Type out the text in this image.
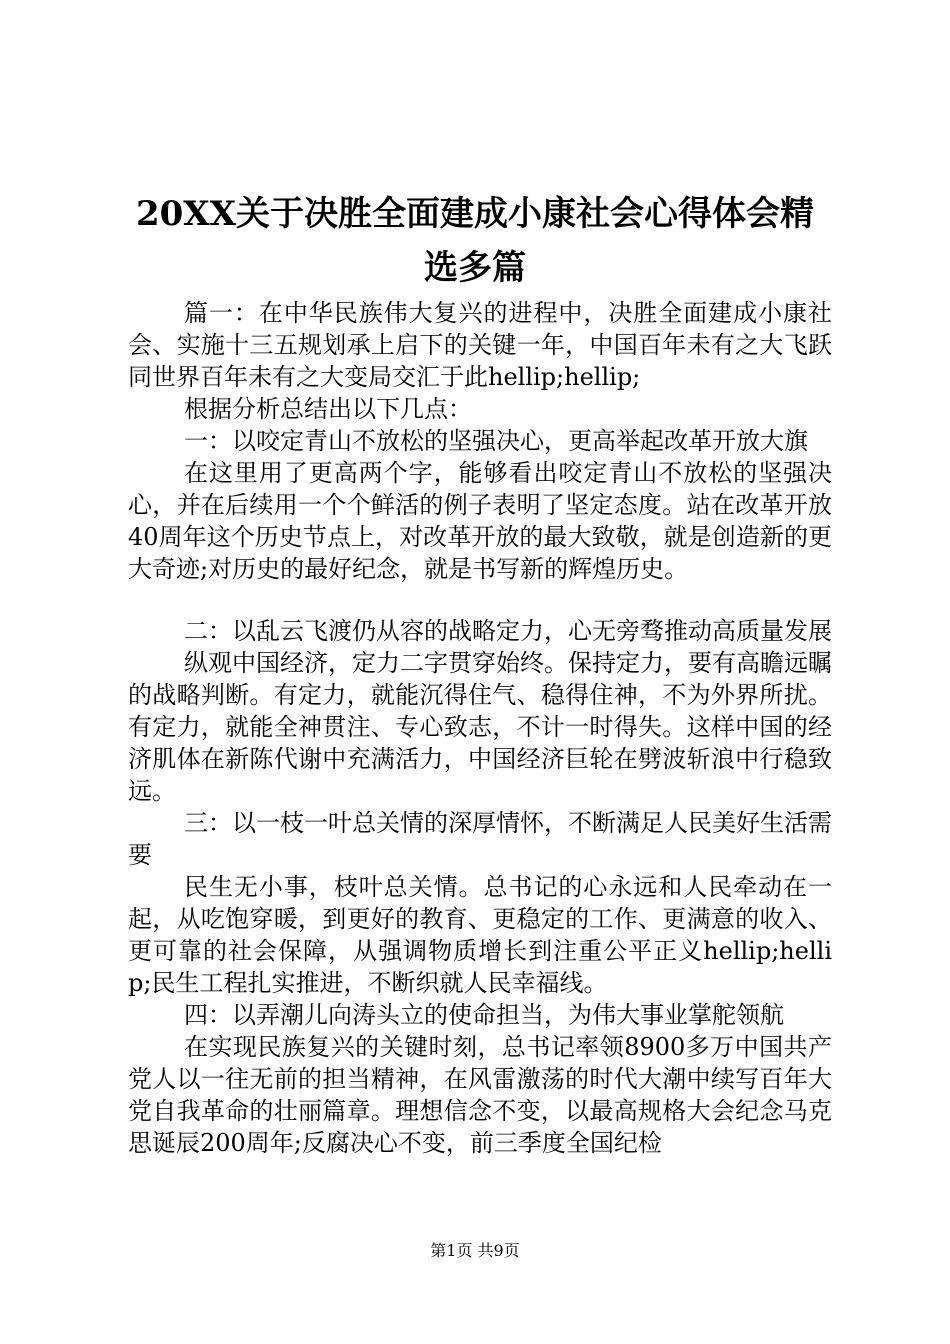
20XX关于决胜全面建成小康社会心得体会精
选多篇

篇一：在中华民族伟大复兴的进程中，决胜全面建成小康社会、实施十三五规划承上启下的关键一年，中国百年未有之大飞跃同世界百年未有之大变局交汇于此hellip;hellip;

根据分析总结出以下几点：

一：以咬定青山不放松的坚强决心，更高举起改革开放大旗

在这里用了更高两个字，能够看出咬定青山不放松的坚强决心，并在后续用一个个鲜活的例子表明了坚定态度。站在改革开放40周年这个历史节点上，对改革开放的最大致敬，就是创造新的更大奇迹;对历史的最好纪念，就是书写新的辉煌历史。

二：以乱云飞渡仍从容的战略定力，心无旁骛推动高质量发展

纵观中国经济，定力二字贯穿始终。保持定力，要有高瞻远瞩的战略判断。有定力，就能沉得住气、稳得住神，不为外界所扰。有定力，就能全神贯注、专心致志，不计一时得失。这样中国的经济肌体在新陈代谢中充满活力，中国经济巨轮在劈波斩浪中行稳致远。

三：以一枝一叶总关情的深厚情怀，不断满足人民美好生活需要

民生无小事，枝叶总关情。总书记的心永远和人民牵动在一起，从吃饱穿暖，到更好的教育、更稳定的工作、更满意的收入、更可靠的社会保障，从强调物质增长到注重公平正义hellip;hellip;民生工程扎实推进，不断织就人民幸福线。

四：以弄潮儿向涛头立的使命担当，为伟大事业掌舵领航

在实现民族复兴的关键时刻，总书记率领8900多万中国共产党人以一往无前的担当精神，在风雷激荡的时代大潮中续写百年大党自我革命的壮丽篇章。理想信念不变，以最高规格大会纪念马克思诞辰200周年;反腐决心不变，前三季度全国纪检

第1页 共9页
